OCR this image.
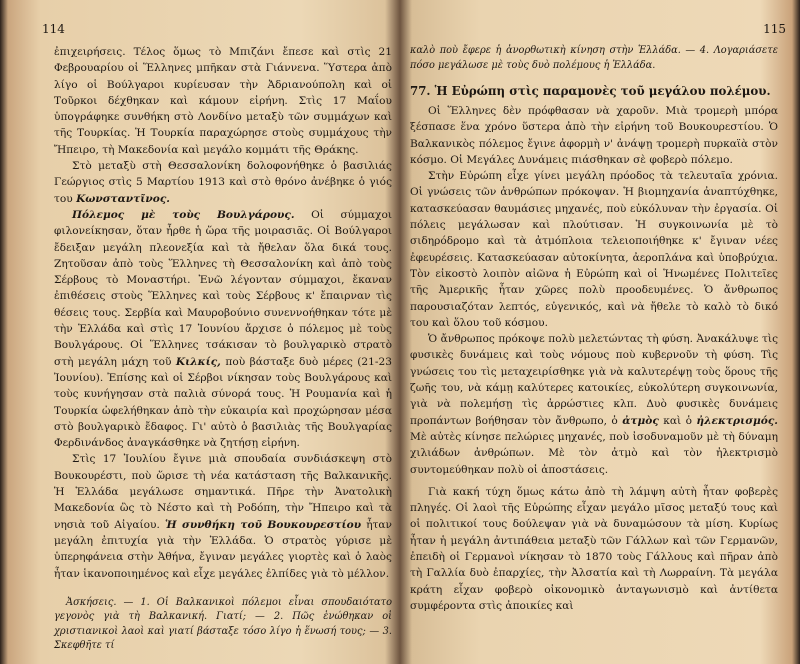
114

ἐπιχειρήσεις. Τέλος ὅμως τὸ Μπιζάνι ἔπεσε καὶ στὶς 21 Φεβρουαρίου οἱ Ἕλληνες μπῆκαν στὰ Γιάννενα. Ὕστερα ἀπὸ λίγο οἱ Βούλγαροι κυρίευσαν τὴν Ἀδριανούπολη καὶ οἱ Τοῦρκοι δέχθηκαν καὶ κάμουν εἰρήνη. Στὶς 17 Μαΐου ὑπογράφηκε συνθήκη στὸ Λονδίνο μεταξὺ τῶν συμμάχων καὶ τῆς Τουρκίας. Ἡ Τουρκία παραχώρησε στοὺς συμμάχους τὴν Ἤπειρο, τὴ Μακεδονία καὶ μεγάλο κομμάτι τῆς Θράκης.

Στὸ μεταξὺ στὴ Θεσσαλονίκη δολοφονήθηκε ὁ βασιλιάς Γεώργιος στὶς 5 Μαρτίου 1913 καὶ στὸ θρόνο ἀνέβηκε ὁ γιός του Κωνσταντῖνος.

Πόλεμος μὲ τοὺς Βουλγάρους. Οἱ σύμμαχοι φιλονείκησαν, ὅταν ἦρθε ἡ ὥρα τῆς μοιρασιᾶς. Οἱ Βούλγαροι ἔδειξαν μεγάλη πλεονεξία καὶ τὰ ἤθελαν ὅλα δικά τους. Ζητοῦσαν ἀπὸ τοὺς Ἕλληνες τὴ Θεσσαλονίκη καὶ ἀπὸ τοὺς Σέρβους τὸ Μοναστήρι. Ἐνῶ λέγονταν σύμμαχοι, ἔκαναν ἐπιθέσεις στοὺς Ἕλληνες καὶ τοὺς Σέρβους κ' ἔπαιρναν τὶς θέσεις τους. Σερβία καὶ Μαυροβούνιο συνεννοήθηκαν τότε μὲ τὴν Ἑλλάδα καὶ στὶς 17 Ἰουνίου ἄρχισε ὁ πόλεμος μὲ τοὺς Βουλγάρους. Οἱ Ἕλληνες τσάκισαν τὸ βουλγαρικὸ στρατὸ στὴ μεγάλη μάχη τοῦ Κιλκίς, ποὺ βάσταξε δυὸ μέρες (21-23 Ἰουνίου). Ἐπίσης καὶ οἱ Σέρβοι νίκησαν τοὺς Βουλγάρους καὶ τοὺς κυνήγησαν στὰ παλιὰ σύνορά τους. Ἡ Ρουμανία καὶ ἡ Τουρκία ὠφελήθηκαν ἀπὸ τὴν εὐκαιρία καὶ προχώρησαν μέσα στὸ βουλγαρικὸ ἔδαφος. Γι' αὐτὸ ὁ βασιλιὰς τῆς Βουλγαρίας Φερδινάνδος ἀναγκάσθηκε νὰ ζητήσῃ εἰρήνη.

Στὶς 17 Ἰουλίου ἔγινε μιὰ σπουδαία συνδιάσκεψη στὸ Βουκουρέστι, ποὺ ὥρισε τὴ νέα κατάσταση τῆς Βαλκανικῆς. Ἡ Ἑλλάδα μεγάλωσε σημαντικά. Πῆρε τὴν Ἀνατολικὴ Μακεδονία ὣς τὸ Νέστο καὶ τὴ Ροδόπη, τὴν Ἤπειρο καὶ τὰ νησιὰ τοῦ Αἰγαίου. Ἡ συνθήκη τοῦ Βουκουρεστίου ἦταν μεγάλη ἐπιτυχία γιὰ τὴν Ἑλλάδα. Ὁ στρατὸς γύρισε μὲ ὑπερηφάνεια στὴν Ἀθήνα, ἔγιναν μεγάλες γιορτὲς καὶ ὁ λαὸς ἦταν ἱκανοποιημένος καὶ εἶχε μεγάλες ἐλπίδες γιὰ τὸ μέλλον.

Ἀσκήσεις. — 1. Οἱ Βαλκανικοὶ πόλεμοι εἶναι σπουδαιότατο γεγονὸς γιὰ τὴ Βαλκανική. Γιατί; — 2. Πῶς ἑνώθηκαν οἱ χριστιανικοὶ λαοὶ καὶ γιατί βάσταξε τόσο λίγο ἡ ἕνωσή τους; — 3. Σκεφθῆτε τί

115

καλὸ ποὺ ἔφερε ἡ ἀνορθωτικὴ κίνηση στὴν Ἑλλάδα. — 4. Λογαριάσετε πόσο μεγάλωσε μὲ τοὺς δυὸ πολέμους ἡ Ἑλλάδα.

77. Ἡ Εὐρώπη στὶς παραμονὲς τοῦ μεγάλου πολέμου.

Οἱ Ἕλληνες δὲν πρόφθασαν νὰ χαροῦν. Μιὰ τρομερὴ μπόρα ξέσπασε ἕνα χρόνο ὕστερα ἀπὸ τὴν εἰρήνη τοῦ Βουκουρεστίου. Ὁ Βαλκανικὸς πόλεμος ἔγινε ἀφορμὴ ν' ἀνάψῃ τρομερὴ πυρκαϊὰ στὸν κόσμο. Οἱ Μεγάλες Δυνάμεις πιάσθηκαν σὲ φοβερὸ πόλεμο.

Στὴν Εὐρώπη εἶχε γίνει μεγάλη πρόοδος τὰ τελευταῖα χρόνια. Οἱ γνώσεις τῶν ἀνθρώπων πρόκοψαν. Ἡ βιομηχανία ἀναπτύχθηκε, κατασκεύασαν θαυμάσιες μηχανές, ποὺ εὐκόλυναν τὴν ἐργασία. Οἱ πόλεις μεγάλωσαν καὶ πλούτισαν. Ἡ συγκοινωνία μὲ τὸ σιδηρόδρομο καὶ τὰ ἀτμόπλοια τελειοποιήθηκε κ' ἔγιναν νέες ἐφευρέσεις. Κατασκεύασαν αὐτοκίνητα, ἀεροπλάνα καὶ ὑποβρύχια. Τὸν εἰκοστὸ λοιπὸν αἰῶνα ἡ Εὐρώπη καὶ οἱ Ἡνωμένες Πολιτεῖες τῆς Ἀμερικῆς ἦταν χῶρες πολὺ προοδευμένες. Ὁ ἄνθρωπος παρουσιαζόταν λεπτός, εὐγενικός, καὶ νὰ ἤθελε τὸ καλὸ τὸ δικό του καὶ ὅλου τοῦ κόσμου.

Ὁ ἄνθρωπος πρόκοψε πολὺ μελετώντας τὴ φύση. Ἀνακάλυψε τὶς φυσικὲς δυνάμεις καὶ τοὺς νόμους ποὺ κυβερνοῦν τὴ φύση. Τὶς γνώσεις του τὶς μεταχειρίσθηκε γιὰ νὰ καλυτερέψῃ τοὺς ὅρους τῆς ζωῆς του, νὰ κάμῃ καλύτερες κατοικίες, εὐκολύτερη συγκοινωνία, γιὰ νὰ πολεμήσῃ τὶς ἀρρώστιες κλπ. Δυὸ φυσικὲς δυνάμεις προπάντων βοήθησαν τὸν ἄνθρωπο, ὁ ἀτμὸς καὶ ὁ ἠλεκτρισμός. Μὲ αὐτὲς κίνησε πελώριες μηχανές, ποὺ ἰσοδυναμοῦν μὲ τὴ δύναμη χιλιάδων ἀνθρώπων. Μὲ τὸν ἀτμὸ καὶ τὸν ἠλεκτρισμὸ συντομεύθηκαν πολὺ οἱ ἀποστάσεις.

Γιὰ κακή τύχη ὅμως κάτω ἀπὸ τὴ λάμψη αὐτὴ ἦταν φοβερὲς πληγές. Οἱ λαοὶ τῆς Εὐρώπης εἶχαν μεγάλο μῖσος μεταξύ τους καὶ οἱ πολιτικοί τους δούλεψαν γιὰ νὰ δυναμώσουν τὰ μίση. Κυρίως ἦταν ἡ μεγάλη ἀντιπάθεια μεταξὺ τῶν Γάλλων καὶ τῶν Γερμανῶν, ἐπειδὴ οἱ Γερμανοὶ νίκησαν τὸ 1870 τοὺς Γάλλους καὶ πῆραν ἀπὸ τὴ Γαλλία δυὸ ἐπαρχίες, τὴν Ἀλσατία καὶ τὴ Λωρραίνη. Τὰ μεγάλα κράτη εἶχαν φοβερὸ οἰκονομικὸ ἀνταγωνισμὸ καὶ ἀντίθετα συμφέροντα στὶς ἀποικίες καὶ
